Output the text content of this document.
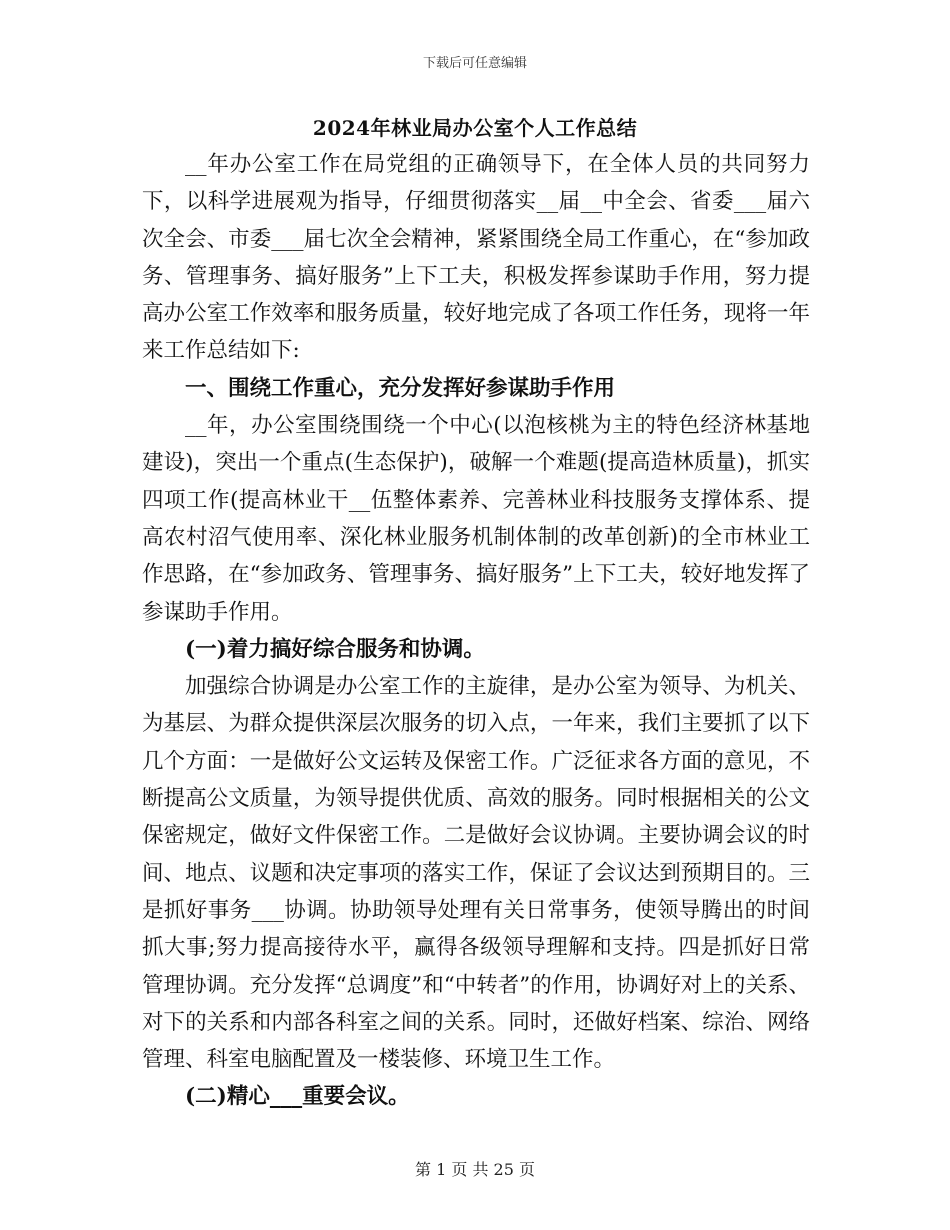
下载后可任意编辑
2024年林业局办公室个人工作总结

__年办公室工作在局党组的正确领导下，在全体人员的共同努力下，以科学进展观为指导，仔细贯彻落实__届__中全会、省委___届六次全会、市委___届七次全会精神，紧紧围绕全局工作重心，在“参加政务、管理事务、搞好服务”上下工夫，积极发挥参谋助手作用，努力提高办公室工作效率和服务质量，较好地完成了各项工作任务，现将一年来工作总结如下:

一、围绕工作重心，充分发挥好参谋助手作用

__年，办公室围绕围绕一个中心(以泡核桃为主的特色经济林基地建设)，突出一个重点(生态保护)，破解一个难题(提高造林质量)，抓实四项工作(提高林业干__伍整体素养、完善林业科技服务支撑体系、提高农村沼气使用率、深化林业服务机制体制的改革创新)的全市林业工作思路，在“参加政务、管理事务、搞好服务”上下工夫，较好地发挥了参谋助手作用。

(一)着力搞好综合服务和协调。

加强综合协调是办公室工作的主旋律，是办公室为领导、为机关、为基层、为群众提供深层次服务的切入点，一年来，我们主要抓了以下几个方面：一是做好公文运转及保密工作。广泛征求各方面的意见，不断提高公文质量，为领导提供优质、高效的服务。同时根据相关的公文保密规定，做好文件保密工作。二是做好会议协调。主要协调会议的时间、地点、议题和决定事项的落实工作，保证了会议达到预期目的。三是抓好事务___协调。协助领导处理有关日常事务，使领导腾出的时间抓大事;努力提高接待水平，赢得各级领导理解和支持。四是抓好日常管理协调。充分发挥“总调度”和“中转者”的作用，协调好对上的关系、对下的关系和内部各科室之间的关系。同时，还做好档案、综治、网络管理、科室电脑配置及一楼装修、环境卫生工作。

(二)精心___重要会议。

第 1 页 共 25 页
